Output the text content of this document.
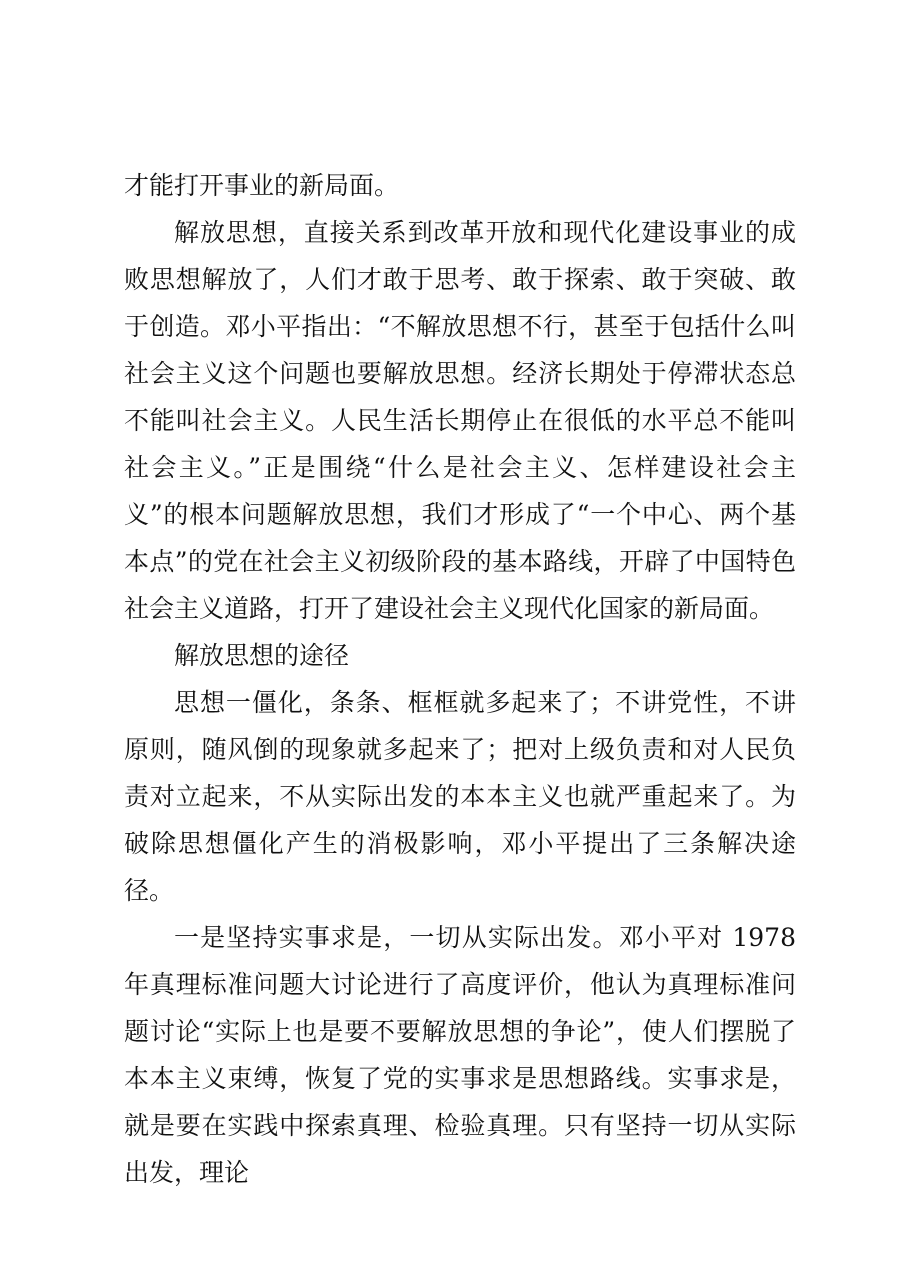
才能打开事业的新局面。

解放思想，直接关系到改革开放和现代化建设事业的成败思想解放了，人们才敢于思考、敢于探索、敢于突破、敢于创造。邓小平指出：“不解放思想不行，甚至于包括什么叫社会主义这个问题也要解放思想。经济长期处于停滞状态总不能叫社会主义。人民生活长期停止在很低的水平总不能叫社会主义。”正是围绕“什么是社会主义、怎样建设社会主义”的根本问题解放思想，我们才形成了“一个中心、两个基本点”的党在社会主义初级阶段的基本路线，开辟了中国特色社会主义道路，打开了建设社会主义现代化国家的新局面。

解放思想的途径

思想一僵化，条条、框框就多起来了；不讲党性，不讲原则，随风倒的现象就多起来了；把对上级负责和对人民负责对立起来，不从实际出发的本本主义也就严重起来了。为破除思想僵化产生的消极影响，邓小平提出了三条解决途径。

一是坚持实事求是，一切从实际出发。邓小平对 1978 年真理标准问题大讨论进行了高度评价，他认为真理标准问题讨论“实际上也是要不要解放思想的争论”，使人们摆脱了本本主义束缚，恢复了党的实事求是思想路线。实事求是，就是要在实践中探索真理、检验真理。只有坚持一切从实际出发，理论
